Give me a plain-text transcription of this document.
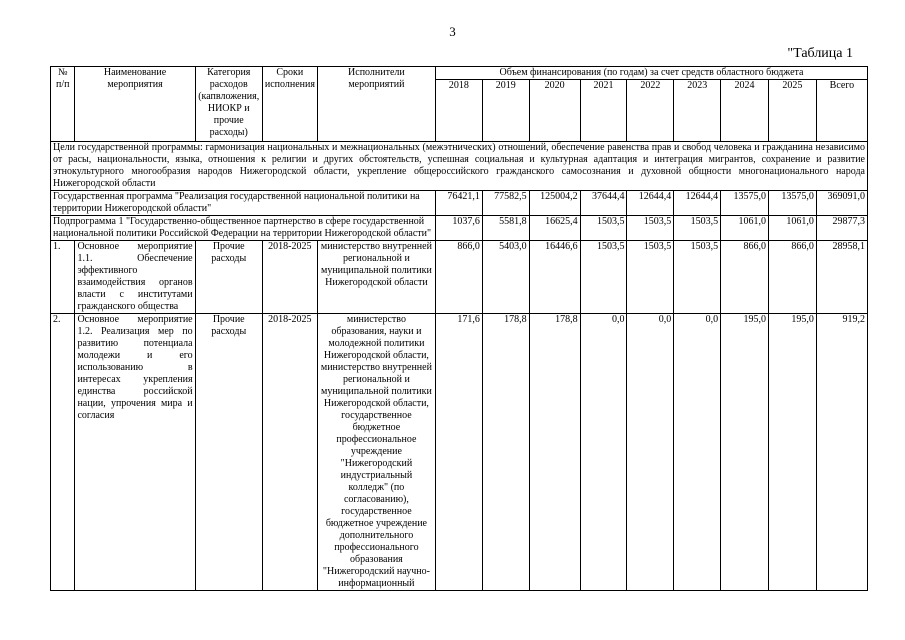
3
"Таблица 1
№ п/п	Наименование мероприятия	Категория расходов (капвложения, НИОКР и прочие расходы)	Сроки исполнения	Исполнители мероприятий	Объем финансирования (по годам) за счет средств областного бюджета								
					2018	2019	2020	2021	2022	2023	2024	2025	Всего
Цели государственной программы: гармонизация национальных и межнациональных (межэтнических) отношений, обеспечение равенства прав и свобод человека и гражданина независимо от расы, национальности, языка, отношения к религии и других обстоятельств, успешная социальная и культурная адаптация и интеграция мигрантов, сохранение и развитие этнокультурного многообразия народов Нижегородской области, укрепление общероссийского гражданского самосознания и духовной общности многонационального народа Нижегородской области													
Государственная программа "Реализация государственной национальной политики на территории Нижегородской области"					76421,1	77582,5	125004,2	37644,4	12644,4	12644,4	13575,0	13575,0	369091,0
Подпрограмма 1 "Государственно-общественное партнерство в сфере государственной национальной политики Российской Федерации на территории Нижегородской области"					1037,6	5581,8	16625,4	1503,5	1503,5	1503,5	1061,0	1061,0	29877,3
1.	Основное мероприятие 1.1. Обеспечение эффективного взаимодействия органов власти с институтами гражданского общества	Прочие расходы	2018-2025	министерство внутренней региональной и муниципальной политики Нижегородской области	866,0	5403,0	16446,6	1503,5	1503,5	1503,5	866,0	866,0	28958,1
2.	Основное мероприятие 1.2. Реализация мер по развитию потенциала молодежи и его использованию в интересах укрепления единства российской нации, упрочения мира и согласия	Прочие расходы	2018-2025	министерство образования, науки и молодежной политики Нижегородской области, министерство внутренней региональной и муниципальной политики Нижегородской области, государственное бюджетное профессиональное учреждение "Нижегородский индустриальный колледж" (по согласованию), государственное бюджетное учреждение дополнительного профессионального образования "Нижегородский научно-информационный	171,6	178,8	178,8	0,0	0,0	0,0	195,0	195,0	919,2
